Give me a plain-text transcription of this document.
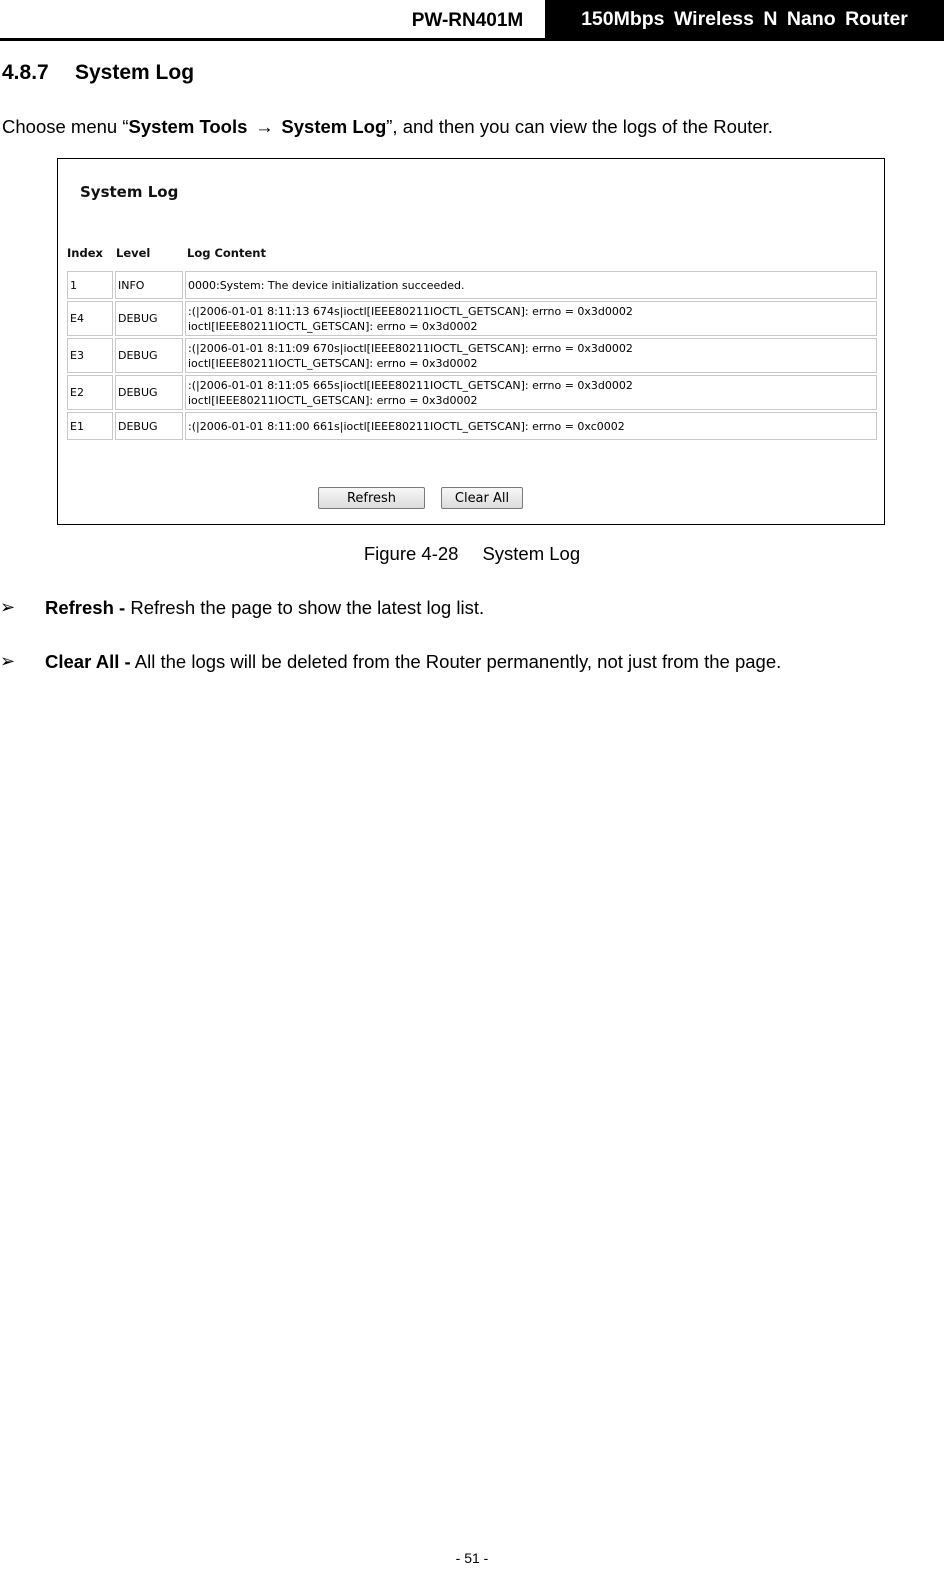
PW-RN401M	150Mbps Wireless N Nano Router
4.8.7 System Log
Choose menu “System Tools → System Log”, and then you can view the logs of the Router.
System Log
Index Level	Log Content
1	INFO	0000:System: The device initialization succeeded.

E4	DEBUG	:(|2006-01-01 8:11:13 674s|ioctl[IEEE80211IOCTL_GETSCAN]: errno = 0x3d0002
ioctl[IEEE80211IOCTL_GETSCAN]: errno = 0x3d0002

E3	DEBUG	:(|2006-01-01 8:11:09 670s|ioctl[IEEE80211IOCTL_GETSCAN]: errno = 0x3d0002
ioctl[IEEE80211IOCTL_GETSCAN]: errno = 0x3d0002

E2	DEBUG	:(|2006-01-01 8:11:05 665s|ioctl[IEEE80211IOCTL_GETSCAN]: errno = 0x3d0002
ioctl[IEEE80211IOCTL_GETSCAN]: errno = 0x3d0002

E1	DEBUG	:(|2006-01-01 8:11:00 661s|ioctl[IEEE80211IOCTL_GETSCAN]: errno = 0xc0002
Refresh	Clear All
Figure 4-28 System Log
➢ Refresh - Refresh the page to show the latest log list.
➢ Clear All - All the logs will be deleted from the Router permanently, not just from the page.
- 51 -
